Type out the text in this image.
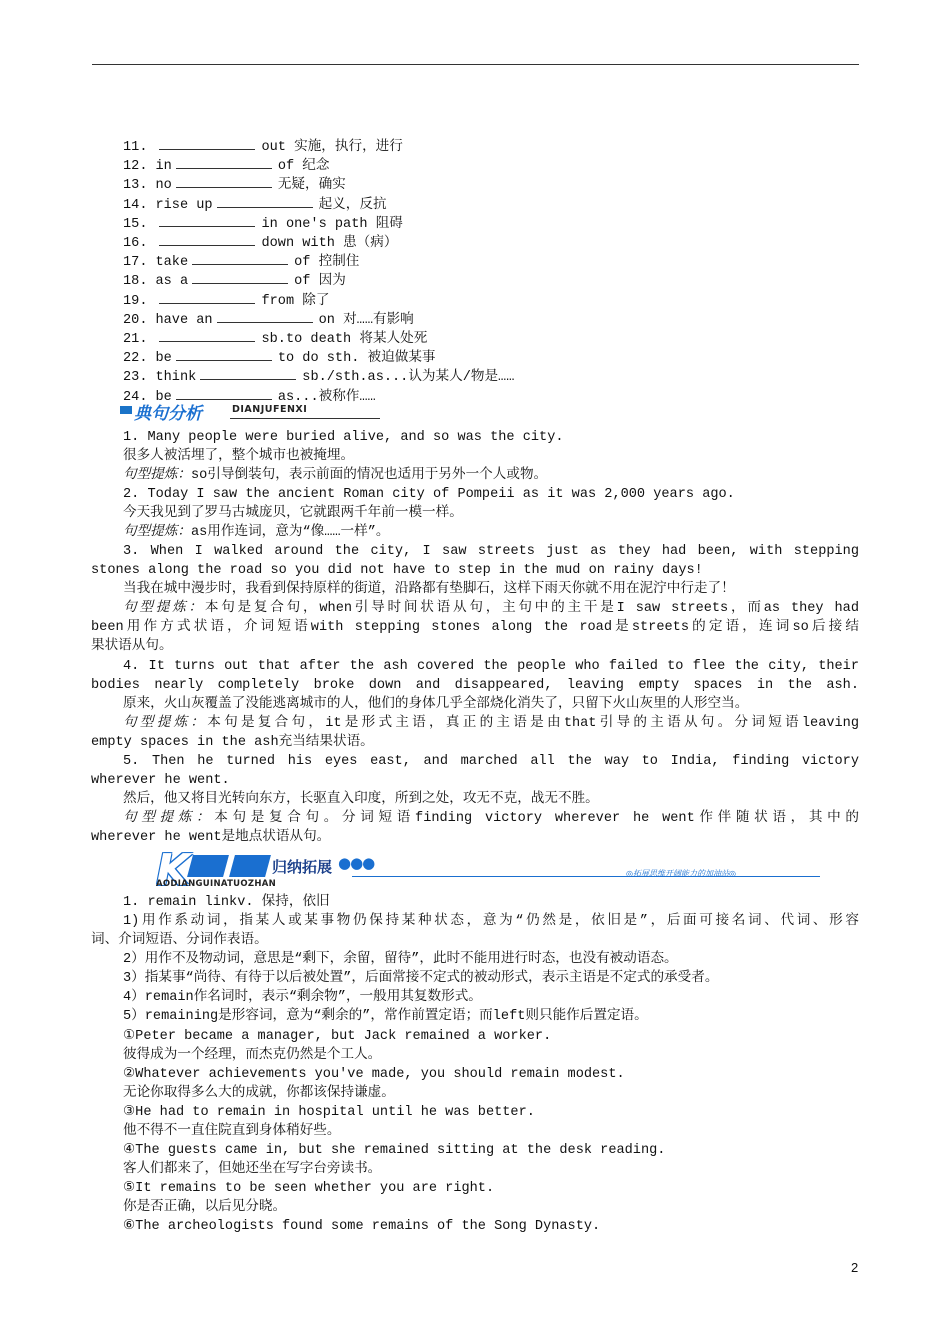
11.	out 实施，执行，进行
12. in	of 纪念
13. no	无疑，确实
14. rise up	起义，反抗
15.	in one's path 阻碍
16.	down with 患（病）
17. take	of 控制住
18. as a	of 因为
19.	from 除了
20. have an	on 对……有影响
21.	sb.to death 将某人处死
22. be	to do sth. 被迫做某事
23. think	sb./sth.as...认为某人/物是……
24. be	as...被称作……
典句分析	DIANJUFENXI
K	归纳拓展 ●●●
AODIANGUINATUOZHAN
◎拓展思维开阔能力的加油站◎
1. Many people were buried alive, and so was the city.
很多人被活埋了，整个城市也被掩埋。
句型提炼：so引导倒装句，表示前面的情况也适用于另外一个人或物。
2. Today I saw the ancient Roman city of Pompeii as it was 2,000 years ago.
今天我见到了罗马古城庞贝，它就跟两千年前一模一样。
句型提炼：as用作连词，意为“像……一样”。
3. When I walked around the city, I saw streets just as they had been, with stepping
stones along the road so you did not have to step in the mud on rainy days!
当我在城中漫步时，我看到保持原样的街道，沿路都有垫脚石，这样下雨天你就不用在泥泞中行走了！
句型提炼：本句是复合句，when引导时间状语从句，主句中的主干是I saw streets，而as they had
been用作方式状语，介词短语with stepping stones along the road是streets的定语，连词so后接结
果状语从句。
4. It turns out that after the ash covered the people who failed to flee the city, their
bodies nearly completely broke down and disappeared, leaving empty spaces in the ash.
原来，火山灰覆盖了没能逃离城市的人，他们的身体几乎全部烧化消失了，只留下火山灰里的人形空当。
句型提炼：本句是复合句，it是形式主语，真正的主语是由that引导的主语从句。分词短语leaving
empty spaces in the ash充当结果状语。
5. Then he turned his eyes east, and marched all the way to India, finding victory
wherever he went.
然后，他又将目光转向东方，长驱直入印度，所到之处，攻无不克，战无不胜。
句型提炼：本句是复合句。分词短语finding victory wherever he went作伴随状语，其中的
wherever he went是地点状语从句。
1. remain linkv. 保持，依旧
1)用作系动词，指某人或某事物仍保持某种状态，意为“仍然是，依旧是”，后面可接名词、代词、形容
词、介词短语、分词作表语。
2）用作不及物动词，意思是“剩下，余留，留待”，此时不能用进行时态，也没有被动语态。
3）指某事“尚待、有待于以后被处置”，后面常接不定式的被动形式，表示主语是不定式的承受者。
4）remain作名词时，表示“剩余物”，一般用其复数形式。
5）remaining是形容词，意为“剩余的”，常作前置定语；而left则只能作后置定语。
①Peter became a manager, but Jack remained a worker.
彼得成为一个经理，而杰克仍然是个工人。
②Whatever achievements you've made, you should remain modest.
无论你取得多么大的成就，你都该保持谦虚。
③He had to remain in hospital until he was better.
他不得不一直住院直到身体稍好些。
④The guests came in, but she remained sitting at the desk reading.
客人们都来了，但她还坐在写字台旁读书。
⑤It remains to be seen whether you are right.
你是否正确，以后见分晓。
⑥The archeologists found some remains of the Song Dynasty.
2
